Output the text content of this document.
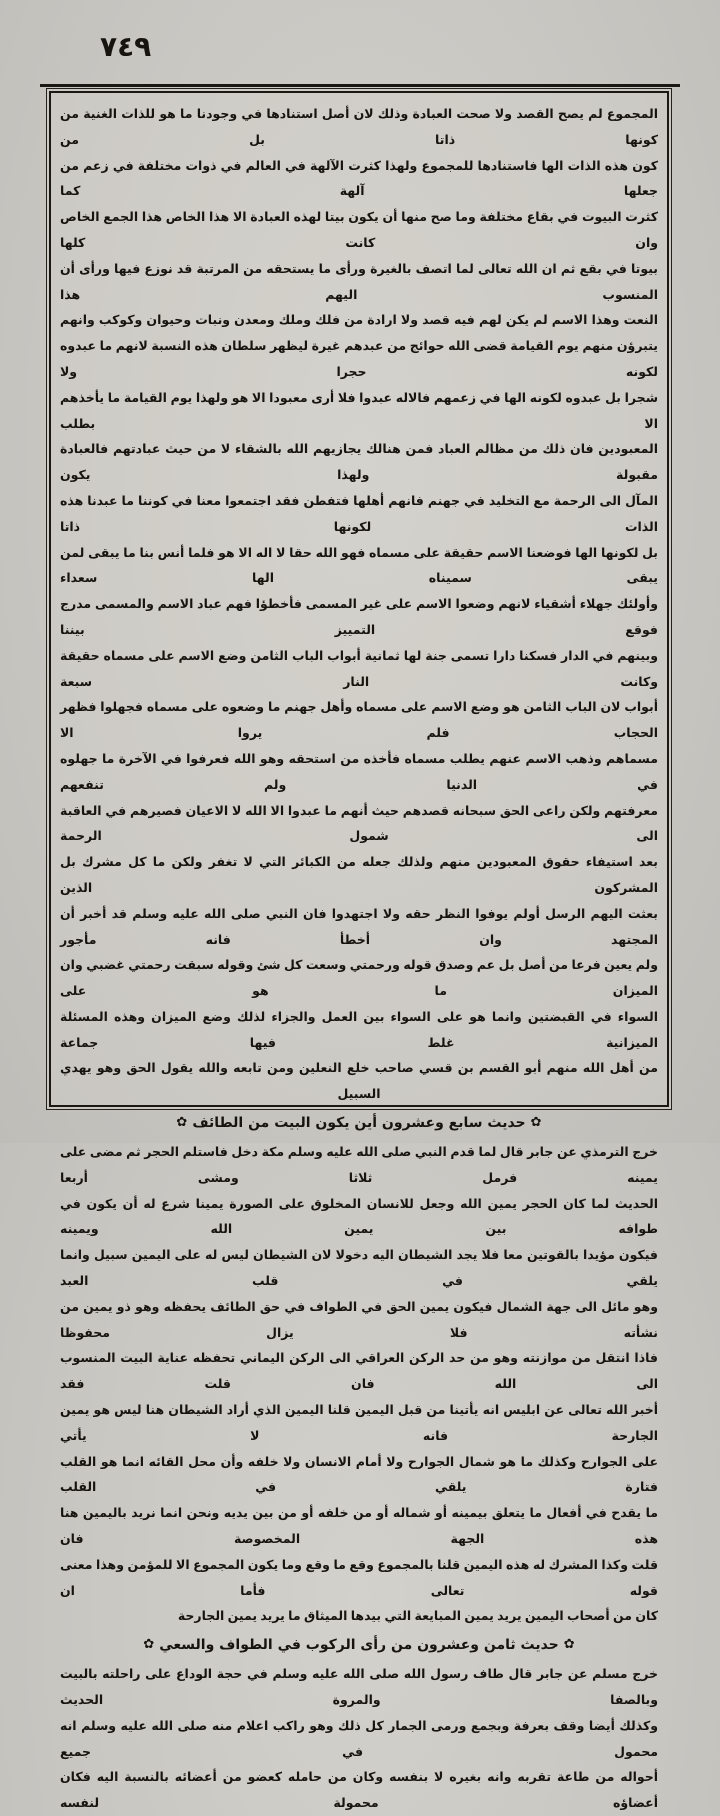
٧٤٩
المجموع لم يصح القصد ولا صحت العبادة وذلك لان أصل استنادها في وجودنا ما هو للذات الغنية من كونها ذاتا بل من
كون هذه الذات الها فاستنادها للمجموع ولهذا كثرت الآلهة في العالم في ذوات مختلفة في زعم من جعلها آلهة كما
كثرت البيوت في بقاع مختلفة وما صح منها أن يكون بيتا لهذه العبادة الا هذا الخاص هذا الجمع الخاص وان كانت كلها
بيوتا في بقع ثم ان الله تعالى لما اتصف بالغيرة ورأى ما يستحقه من المرتبة قد نوزع فيها ورأى أن المنسوب اليهم هذا
النعت وهذا الاسم لم يكن لهم فيه قصد ولا ارادة من فلك وملك ومعدن ونبات وحيوان وكوكب وانهم
يتبرؤن منهم يوم القيامة قضى الله حوائج من عبدهم غيرة ليظهر سلطان هذه النسبة لانهم ما عبدوه لكونه حجرا ولا
شجرا بل عبدوه لكونه الها في زعمهم فالاله عبدوا فلا أرى معبودا الا هو ولهذا يوم القيامة ما يأخذهم الا بطلب
المعبودين فان ذلك من مظالم العباد فمن هنالك يجازيهم الله بالشقاء لا من حيث عبادتهم فالعبادة مقبولة ولهذا يكون
المآل الى الرحمة مع التخليد في جهنم فانهم أهلها فتفطن فقد اجتمعوا معنا في كوننا ما عبدنا هذه الذات لكونها ذاتا
بل لكونها الها فوضعنا الاسم حقيقة على مسماه فهو الله حقا لا اله الا هو فلما أنس بنا ما يبقى لمن يبقى سميناه الها سعداء
وأولئك جهلاء أشقياء لانهم وضعوا الاسم على غير المسمى فأخطؤا فهم عباد الاسم والمسمى مدرج فوقع التمييز بيننا
وبينهم في الدار فسكنا دارا تسمى جنة لها ثمانية أبواب الباب الثامن وضع الاسم على مسماه حقيقة وكانت النار سبعة
أبواب لان الباب الثامن هو وضع الاسم على مسماه وأهل جهنم ما وضعوه على مسماه فجهلوا فظهر الحجاب فلم يروا الا
مسماهم وذهب الاسم عنهم يطلب مسماه فأخذه من استحقه وهو الله فعرفوا في الآخرة ما جهلوه في الدنيا ولم تنفعهم
معرفتهم ولكن راعى الحق سبحانه قصدهم حيث أنهم ما عبدوا الا الله لا الاعيان فصيرهم في العاقبة الى شمول الرحمة
بعد استيفاء حقوق المعبودين منهم ولذلك جعله من الكبائر التي لا تغفر ولكن ما كل مشرك بل المشركون الذين
بعثت اليهم الرسل أولم يوفوا النظر حقه ولا اجتهدوا فان النبي صلى الله عليه وسلم قد أخبر أن المجتهد وان أخطأ فانه مأجور
ولم يعين فرعا من أصل بل عم وصدق قوله ورحمتي وسعت كل شئ وقوله سبقت رحمتي غضبي وان الميزان ما هو على
السواء في القبضتين وانما هو على السواء بين العمل والجزاء لذلك وضع الميزان وهذه المسئلة الميزانية غلط فيها جماعة
من أهل الله منهم أبو القسم بن قسي صاحب خلع النعلين ومن تابعه والله يقول الحق وهو يهدي السبيل
✿حديث سابع وعشرون أين يكون البيت من الطائف✿
خرج الترمذي عن جابر قال لما قدم النبي صلى الله عليه وسلم مكة دخل فاستلم الحجر ثم مضى على يمينه فرمل ثلاثا ومشى أربعا
الحديث لما كان الحجر يمين الله وجعل للانسان المخلوق على الصورة يمينا شرع له أن يكون في طوافه بين يمين الله ويمينه
فيكون مؤيدا بالقوتين معا فلا يجد الشيطان اليه دخولا لان الشيطان ليس له على اليمين سبيل وانما يلقي في قلب العبد
وهو مائل الى جهة الشمال فيكون يمين الحق في الطواف في حق الطائف يحفظه وهو ذو يمين من نشأته فلا يزال محفوظا
فاذا انتقل من موازنته وهو من حد الركن العراقي الى الركن اليماني تحفظه عناية البيت المنسوب الى الله فان قلت فقد
أخبر الله تعالى عن ابليس انه يأتينا من قبل اليمين قلنا اليمين الذي أراد الشيطان هنا ليس هو يمين الجارحة فانه لا يأتي
على الجوارح وكذلك ما هو شمال الجوارح ولا أمام الانسان ولا خلفه وأن محل القائه انما هو القلب فتارة يلقي في القلب
ما يقدح في أفعال ما يتعلق بيمينه أو شماله أو من خلفه أو من بين يديه ونحن انما نريد باليمين هنا هذه الجهة المخصوصة فان
قلت وكذا المشرك له هذه اليمين قلنا بالمجموع وقع ما وقع وما يكون المجموع الا للمؤمن وهذا معنى قوله تعالى فأما ان
كان من أصحاب اليمين يريد يمين المبايعة التي بيدها الميثاق ما يريد يمين الجارحة
✿حديث ثامن وعشرون من رأى الركوب في الطواف والسعي✿
خرج مسلم عن جابر قال طاف رسول الله صلى الله عليه وسلم في حجة الوداع على راحلته بالبيت وبالصفا والمروة الحديث
وكذلك أيضا وقف بعرفة وبجمع ورمى الجمار كل ذلك وهو راكب اعلام منه صلى الله عليه وسلم انه محمول في جميع
أحواله من طاعة تقربه وانه بغيره لا بنفسه وكان من حامله كعضو من أعضائه بالنسبة اليه فكان أعضاؤه محمولة لنفسه
